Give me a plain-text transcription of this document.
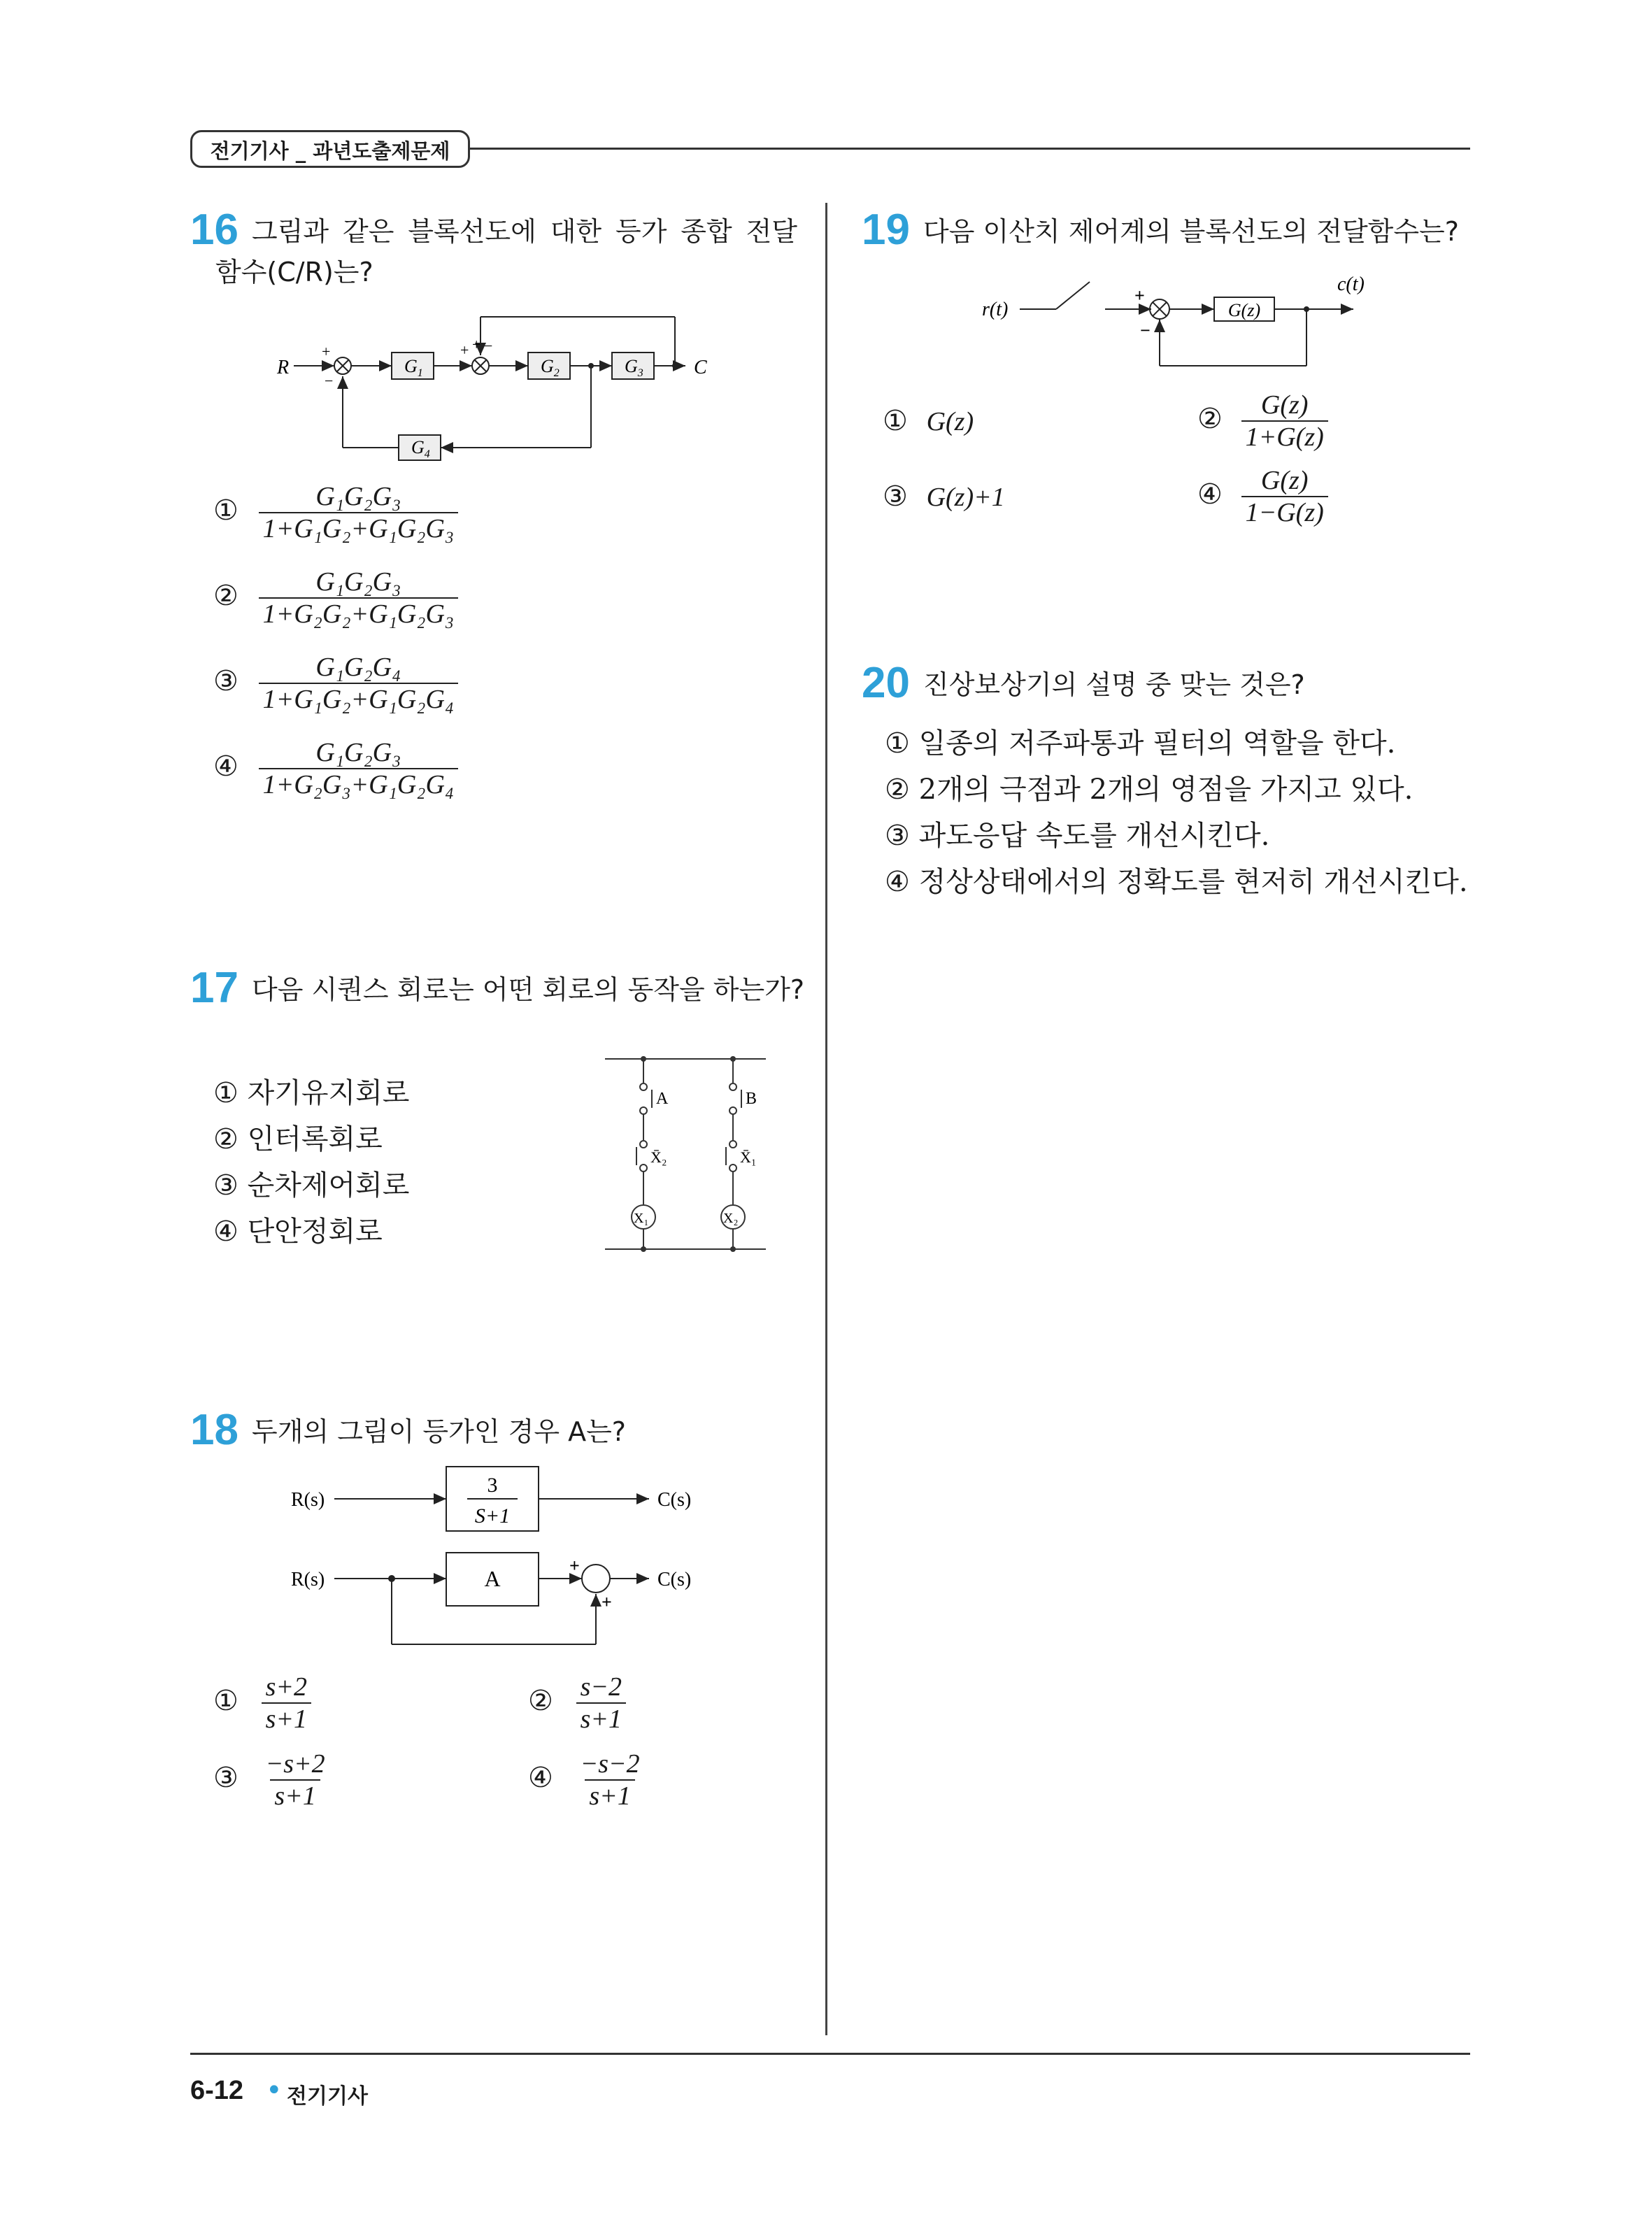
전기기사 _ 과년도출제문제
16 그림과 같은 블록선도에 대한 등가 종합 전달
함수(C/R)는?
R	C
+
−
+ −
+
$G_1$	$G_2$	$G_3$
$G_4$
① $\frac{\text{G₁G₂G₃}}{\text{1+G₁G₂+G₁G₂G₃}}$
② $\frac{\text{G₁G₂G₃}}{\text{1+G₂G₂+G₁G₂G₃}}$
③ $\frac{\text{G₁G₂G₄}}{\text{1+G₁G₂+G₁G₂G₄}}$
④ $\frac{\text{G₁G₂G₃}}{\text{1+G₂G₃+G₁G₂G₄}}$
17 다음 시퀀스 회로는 어떤 회로의 동작을 하는가?
① 자기유지회로
② 인터록회로
③ 순차제어회로
④ 단안정회로
A	B
X̄₂	X̄₁
X₁	X₂
18 두개의 그림이 등가인 경우 A는?
R(s)	C(s)
3
S+1
R(s)	C(s)
A
+
+
① $\frac{s+2}{s+1}$	② $\frac{s-2}{s+1}$
③ $\frac{-s+2}{s+1}$	④ $\frac{-s-2}{s+1}$
19 다음 이산치 제어계의 블록선도의 전달함수는?
r(t)
c(t)
G(z)
+
−
① G(z)	② $\frac{G(z)}{1+G(z)}$
③ G(z)+1	④ $\frac{G(z)}{1-G(z)}$
20 진상보상기의 설명 중 맞는 것은?
① 일종의 저주파통과 필터의 역할을 한다.
② 2개의 극점과 2개의 영점을 가지고 있다.
③ 과도응답 속도를 개선시킨다.
④ 정상상태에서의 정확도를 현저히 개선시킨다.
6-12 • 전기기사
